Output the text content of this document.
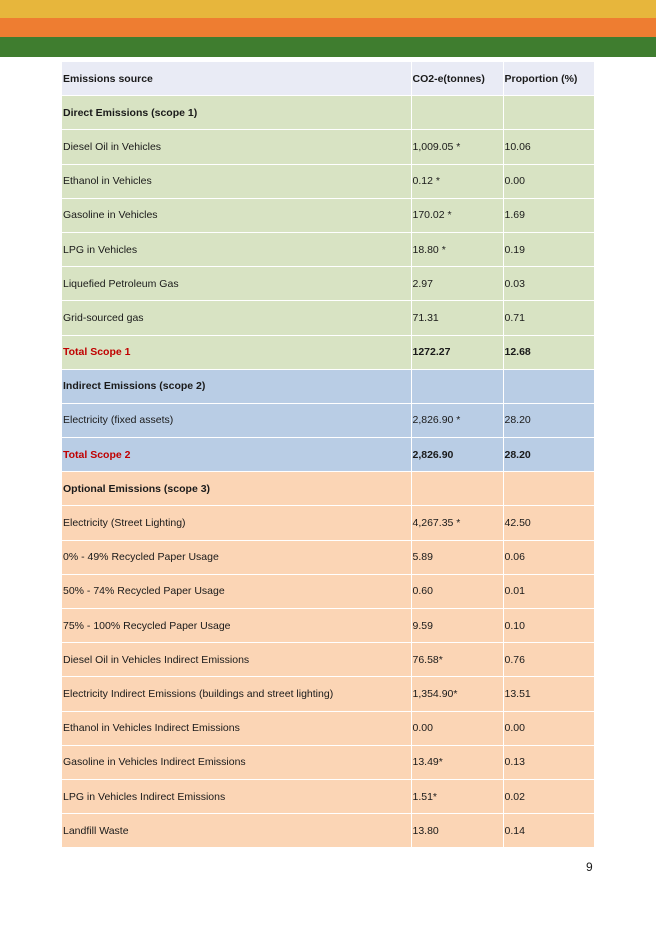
Emissions source	CO2-e(tonnes)	Proportion (%)
Direct Emissions (scope 1)		
Diesel Oil in Vehicles	1,009.05 *	10.06
Ethanol in Vehicles	0.12 *	0.00
Gasoline in Vehicles	170.02 *	1.69
LPG in Vehicles	18.80 *	0.19
Liquefied Petroleum Gas	2.97	0.03
Grid-sourced gas	71.31	0.71
Total Scope 1	1272.27	12.68
Indirect Emissions (scope 2)		
Electricity (fixed assets)	2,826.90 *	28.20
Total Scope 2	2,826.90	28.20
Optional Emissions (scope 3)		
Electricity (Street Lighting)	4,267.35 *	42.50
0% - 49% Recycled Paper Usage	5.89	0.06
50% - 74% Recycled Paper Usage	0.60	0.01
75% - 100% Recycled Paper Usage	9.59	0.10
Diesel Oil in Vehicles Indirect Emissions	76.58*	0.76
Electricity Indirect Emissions (buildings and street lighting)	1,354.90*	13.51
Ethanol in Vehicles Indirect Emissions	0.00	0.00
Gasoline in Vehicles Indirect Emissions	13.49*	0.13
LPG in Vehicles Indirect Emissions	1.51*	0.02
Landfill Waste	13.80	0.14
9
